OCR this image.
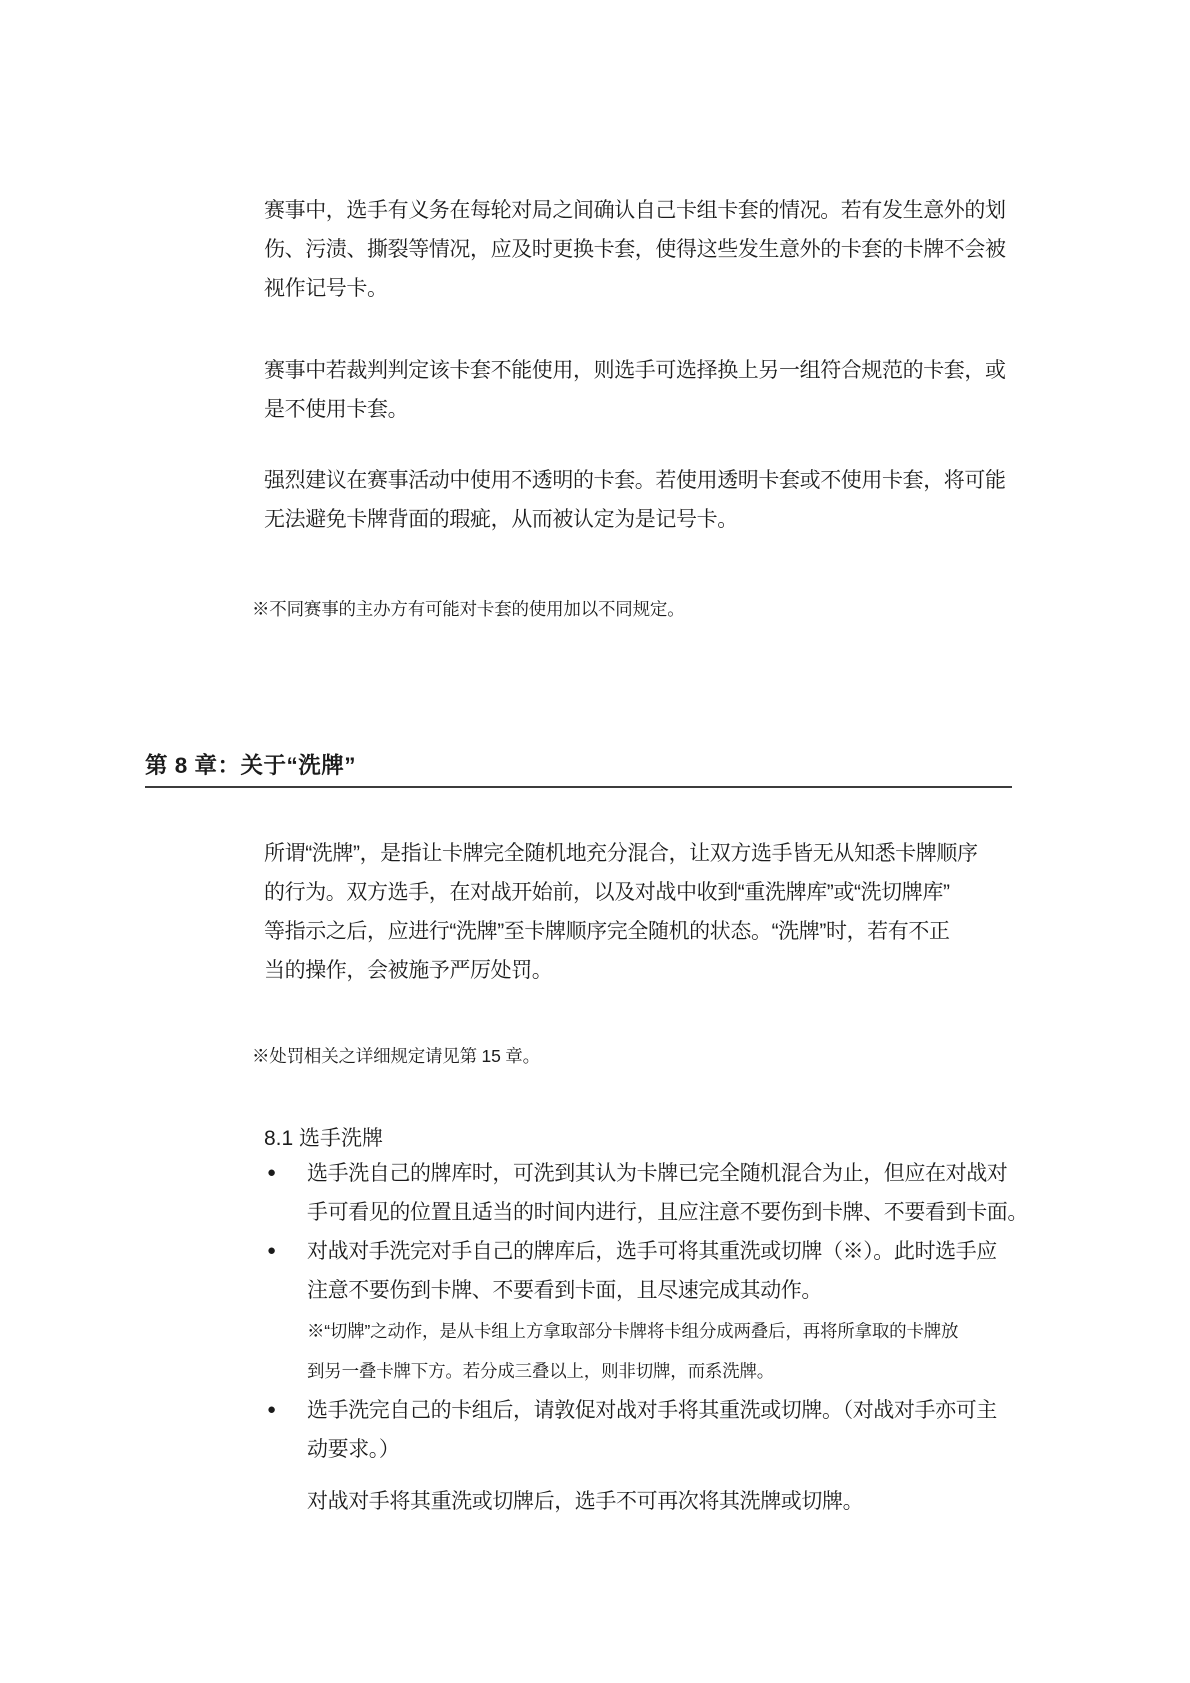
赛事中，选手有义务在每轮对局之间确认自己卡组卡套的情况。若有发生意外的划
伤、污渍、撕裂等情况，应及时更换卡套，使得这些发生意外的卡套的卡牌不会被
视作记号卡。
赛事中若裁判判定该卡套不能使用，则选手可选择换上另一组符合规范的卡套，或
是不使用卡套。
强烈建议在赛事活动中使用不透明的卡套。若使用透明卡套或不使用卡套，将可能
无法避免卡牌背面的瑕疵，从而被认定为是记号卡。
※不同赛事的主办方有可能对卡套的使用加以不同规定。
第 8 章：关于“洗牌”
所谓“洗牌”，是指让卡牌完全随机地充分混合，让双方选手皆无从知悉卡牌顺序
的行为。双方选手，在对战开始前，以及对战中收到“重洗牌库”或“洗切牌库”
等指示之后，应进行“洗牌”至卡牌顺序完全随机的状态。“洗牌”时，若有不正
当的操作，会被施予严厉处罚。
※处罚相关之详细规定请见第 15 章。
8.1 选手洗牌
●	选手洗自己的牌库时，可洗到其认为卡牌已完全随机混合为止，但应在对战对
手可看见的位置且适当的时间内进行，且应注意不要伤到卡牌、不要看到卡面。
●	对战对手洗完对手自己的牌库后，选手可将其重洗或切牌（※）。此时选手应
注意不要伤到卡牌、不要看到卡面，且尽速完成其动作。
※“切牌”之动作，是从卡组上方拿取部分卡牌将卡组分成两叠后，再将所拿取的卡牌放
到另一叠卡牌下方。若分成三叠以上，则非切牌，而系洗牌。
●	选手洗完自己的卡组后，请敦促对战对手将其重洗或切牌。（对战对手亦可主
动要求。）
对战对手将其重洗或切牌后，选手不可再次将其洗牌或切牌。
